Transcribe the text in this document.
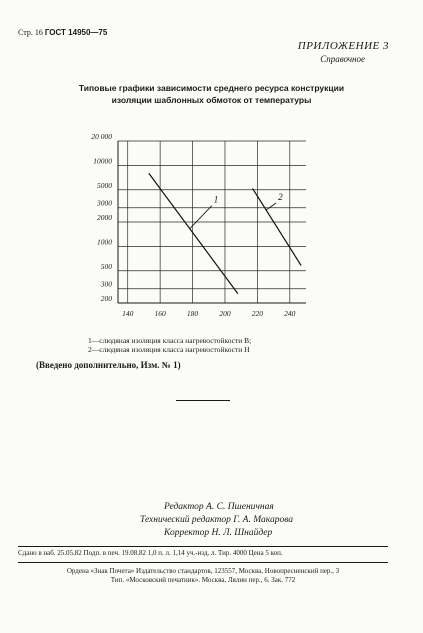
Стр. 16 ГОСТ 14950—75
ПРИЛОЖЕНИЕ 3
Справочное
Типовые графики зависимости среднего ресурса конструкции
изоляции шаблонных обмоток от температуры
20 000
10000
5000
3000
2000
1000
500
300
200
140	160	180	200	220	240
1	2
1—слюдяная изоляция класса нагревостойкости В;
2—слюдяная изоляция класса нагревостойкости Н
(Введено дополнительно, Изм. № 1)
Редактор А. С. Пшеничная
Технический редактор Г. А. Макарова
Корректор Н. Л. Шнайдер
Сдано в наб. 25.05.82 Подп. в печ. 19.08.82 1,0 п. л. 1,14 уч.-изд. л. Тир. 4000 Цена 5 коп.
Ордена «Знак Почета» Издательство стандартов, 123557, Москва, Новопресненский пер., 3
Тип. «Московский печатник». Москва, Лялин пер., 6. Зак. 772
